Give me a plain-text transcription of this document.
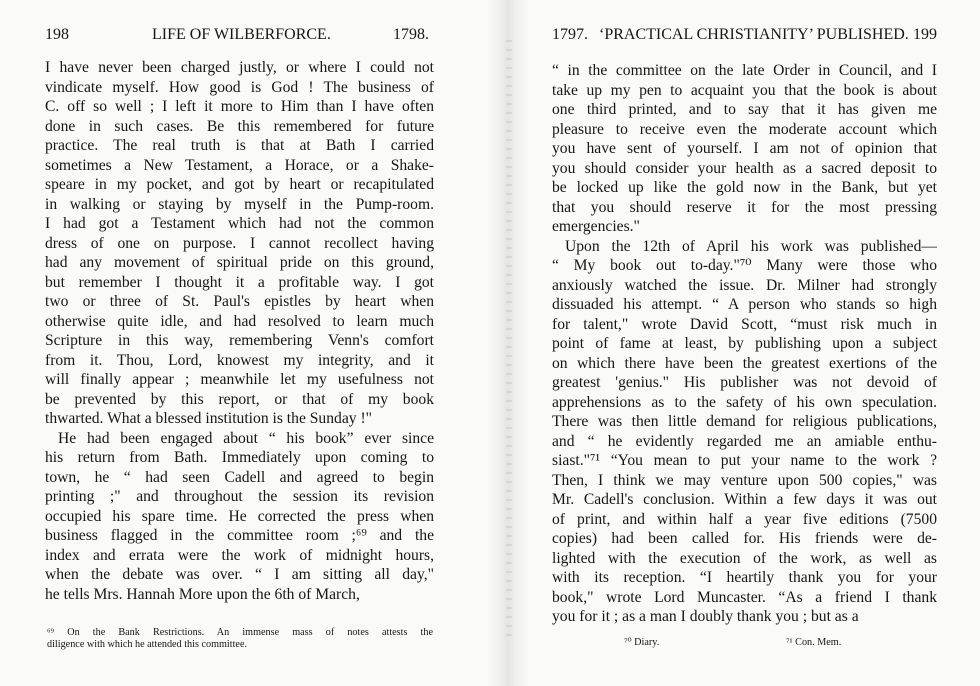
198	LIFE OF WILBERFORCE.	1798.
I have never been charged justly, or where I could not
vindicate myself. How good is God ! The business of
C. off so well ; I left it more to Him than I have often
done in such cases. Be this remembered for future
practice. The real truth is that at Bath I carried
sometimes a New Testament, a Horace, or a Shake-
speare in my pocket, and got by heart or recapitulated
in walking or staying by myself in the Pump-room.
I had got a Testament which had not the common
dress of one on purpose. I cannot recollect having
had any movement of spiritual pride on this ground,
but remember I thought it a profitable way. I got
two or three of St. Paul's epistles by heart when
otherwise quite idle, and had resolved to learn much
Scripture in this way, remembering Venn's comfort
from it. Thou, Lord, knowest my integrity, and it
will finally appear ; meanwhile let my usefulness not
be prevented by this report, or that of my book
thwarted. What a blessed institution is the Sunday !"
He had been engaged about “ his book” ever since
his return from Bath. Immediately upon coming to
town, he “ had seen Cadell and agreed to begin
printing ;" and throughout the session its revision
occupied his spare time. He corrected the press when
business flagged in the committee room ;⁶⁹ and the
index and errata were the work of midnight hours,
when the debate was over. “ I am sitting all day,"
he tells Mrs. Hannah More upon the 6th of March,
⁶⁹ On the Bank Restrictions. An immense mass of notes attests the
diligence with which he attended this committee.
1797. ‘PRACTICAL CHRISTIANITY’ PUBLISHED. 199
“ in the committee on the late Order in Council, and I
take up my pen to acquaint you that the book is about
one third printed, and to say that it has given me
pleasure to receive even the moderate account which
you have sent of yourself. I am not of opinion that
you should consider your health as a sacred deposit to
be locked up like the gold now in the Bank, but yet
that you should reserve it for the most pressing
emergencies."
Upon the 12th of April his work was published—
“ My book out to-day."⁷⁰ Many were those who
anxiously watched the issue. Dr. Milner had strongly
dissuaded his attempt. “ A person who stands so high
for talent," wrote David Scott, “must risk much in
point of fame at least, by publishing upon a subject
on which there have been the greatest exertions of the
greatest 'genius." His publisher was not devoid of
apprehensions as to the safety of his own speculation.
There was then little demand for religious publications,
and “ he evidently regarded me an amiable enthu-
siast."⁷¹ “You mean to put your name to the work ?
Then, I think we may venture upon 500 copies," was
Mr. Cadell's conclusion. Within a few days it was out
of print, and within half a year five editions (7500
copies) had been called for. His friends were de-
lighted with the execution of the work, as well as
with its reception. “I heartily thank you for your
book," wrote Lord Muncaster. “As a friend I thank
you for it ; as a man I doubly thank you ; but as a
⁷⁰ Diary.	⁷¹ Con. Mem.
